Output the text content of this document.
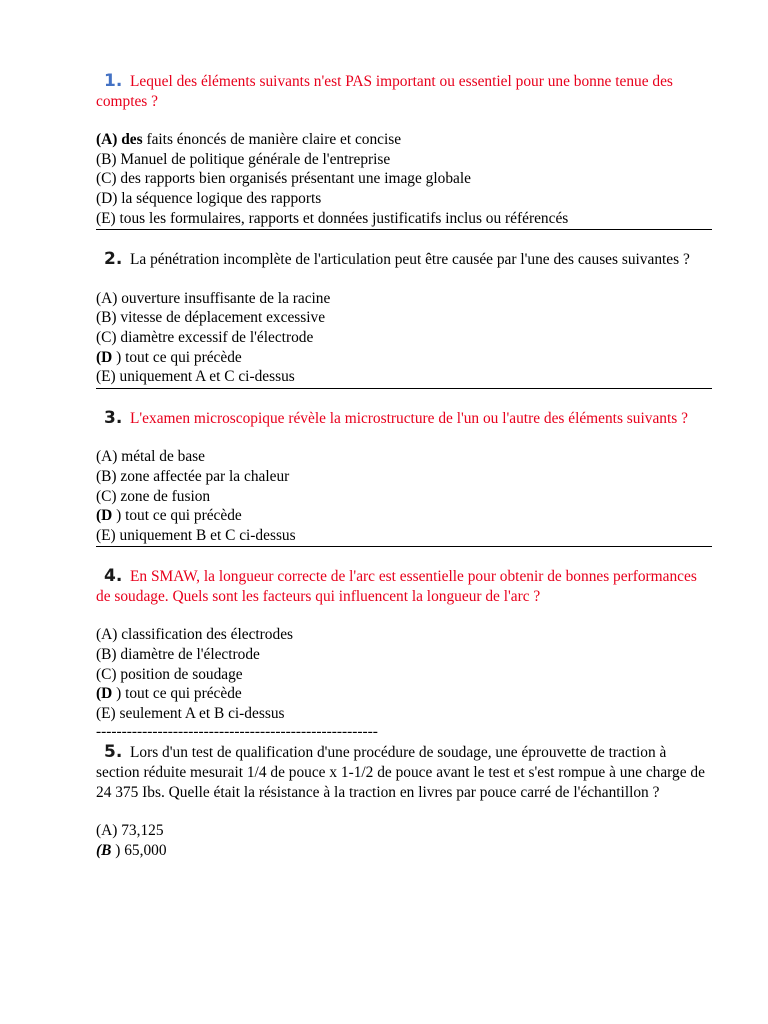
1. Lequel des éléments suivants n'est PAS important ou essentiel pour une bonne tenue des comptes ?

(A) des faits énoncés de manière claire et concise
(B) Manuel de politique générale de l'entreprise
(C) des rapports bien organisés présentant une image globale
(D) la séquence logique des rapports
(E) tous les formulaires, rapports et données justificatifs inclus ou référencés

2. La pénétration incomplète de l'articulation peut être causée par l'une des causes suivantes ?

(A) ouverture insuffisante de la racine
(B) vitesse de déplacement excessive
(C) diamètre excessif de l'électrode
(D ) tout ce qui précède
(E) uniquement A et C ci-dessus

3. L'examen microscopique révèle la microstructure de l'un ou l'autre des éléments suivants ?

(A) métal de base
(B) zone affectée par la chaleur
(C) zone de fusion
(D ) tout ce qui précède
(E) uniquement B et C ci-dessus

4. En SMAW, la longueur correcte de l'arc est essentielle pour obtenir de bonnes performances de soudage. Quels sont les facteurs qui influencent la longueur de l'arc ?

(A) classification des électrodes
(B) diamètre de l'électrode
(C) position de soudage
(D ) tout ce qui précède
(E) seulement A et B ci-dessus
-------------------------------------------------------

5. Lors d'un test de qualification d'une procédure de soudage, une éprouvette de traction à section réduite mesurait 1/4 de pouce x 1-1/2 de pouce avant le test et s'est rompue à une charge de 24 375 Ibs. Quelle était la résistance à la traction en livres par pouce carré de l'échantillon ?

(A) 73,125
(B ) 65,000
